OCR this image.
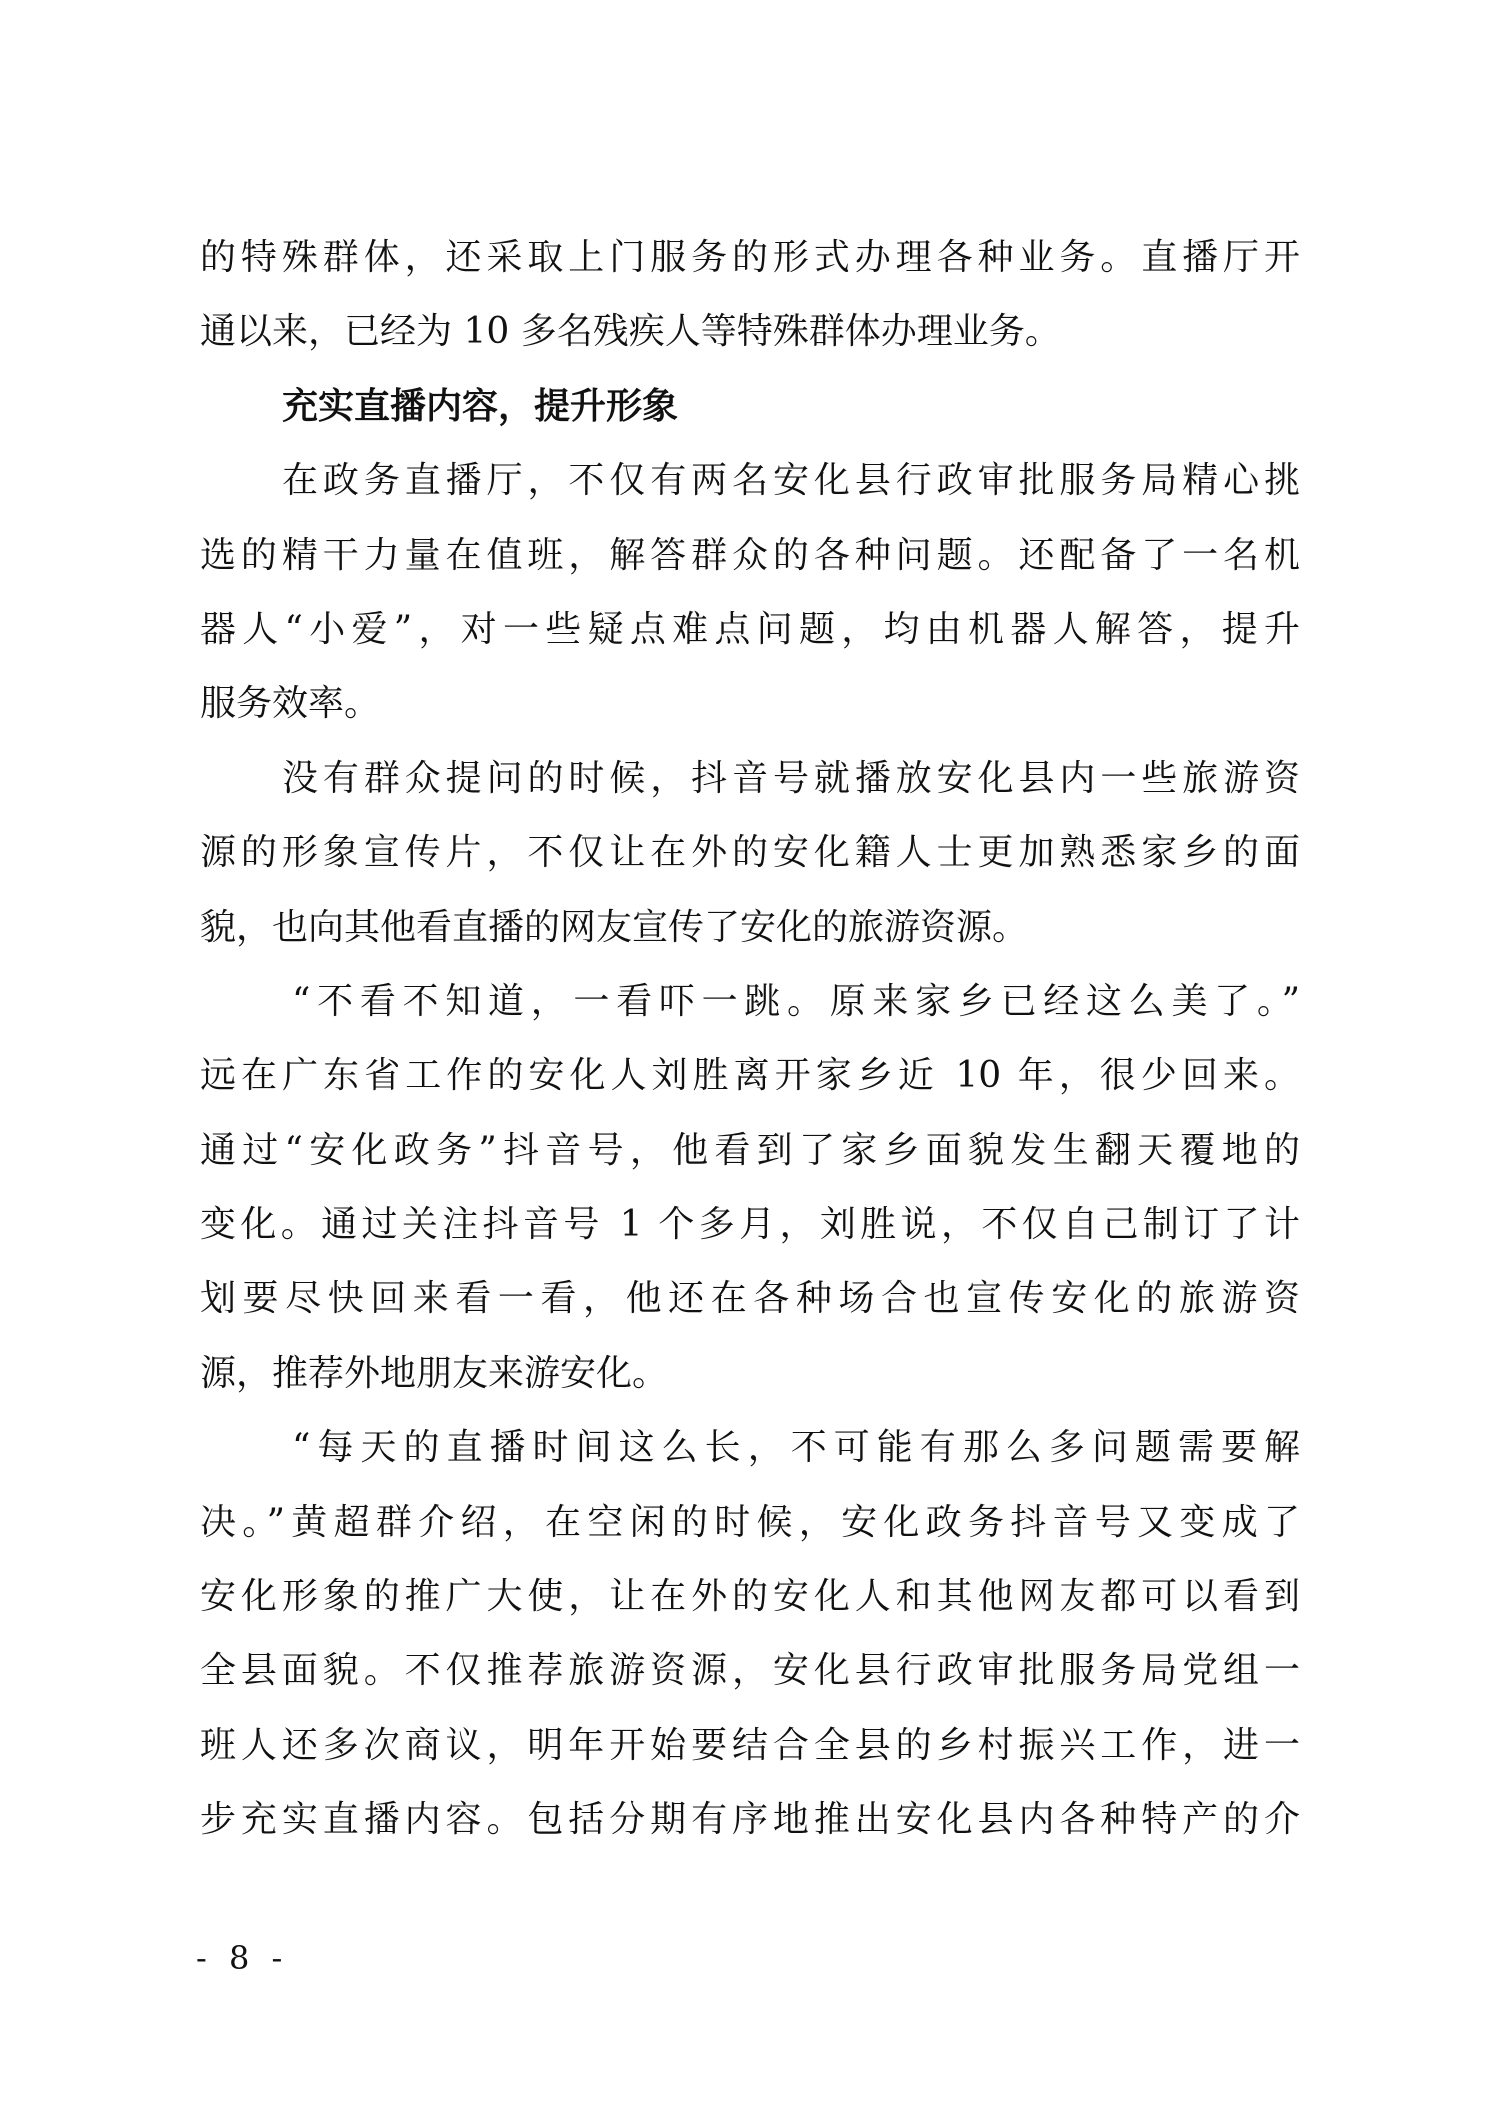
的特殊群体，还采取上门服务的形式办理各种业务。直播厅开
通以来，已经为 10 多名残疾人等特殊群体办理业务。
充实直播内容，提升形象
在政务直播厅，不仅有两名安化县行政审批服务局精心挑
选的精干力量在值班，解答群众的各种问题。还配备了一名机
器人“小爱”，对一些疑点难点问题，均由机器人解答，提升
服务效率。
没有群众提问的时候，抖音号就播放安化县内一些旅游资
源的形象宣传片，不仅让在外的安化籍人士更加熟悉家乡的面
貌，也向其他看直播的网友宣传了安化的旅游资源。
“不看不知道，一看吓一跳。原来家乡已经这么美了。”
远在广东省工作的安化人刘胜离开家乡近 10 年，很少回来。
通过“安化政务”抖音号，他看到了家乡面貌发生翻天覆地的
变化。通过关注抖音号 1 个多月，刘胜说，不仅自己制订了计
划要尽快回来看一看，他还在各种场合也宣传安化的旅游资
源，推荐外地朋友来游安化。
“每天的直播时间这么长，不可能有那么多问题需要解
决。”黄超群介绍，在空闲的时候，安化政务抖音号又变成了
安化形象的推广大使，让在外的安化人和其他网友都可以看到
全县面貌。不仅推荐旅游资源，安化县行政审批服务局党组一
班人还多次商议，明年开始要结合全县的乡村振兴工作，进一
步充实直播内容。包括分期有序地推出安化县内各种特产的介
- 8 -
